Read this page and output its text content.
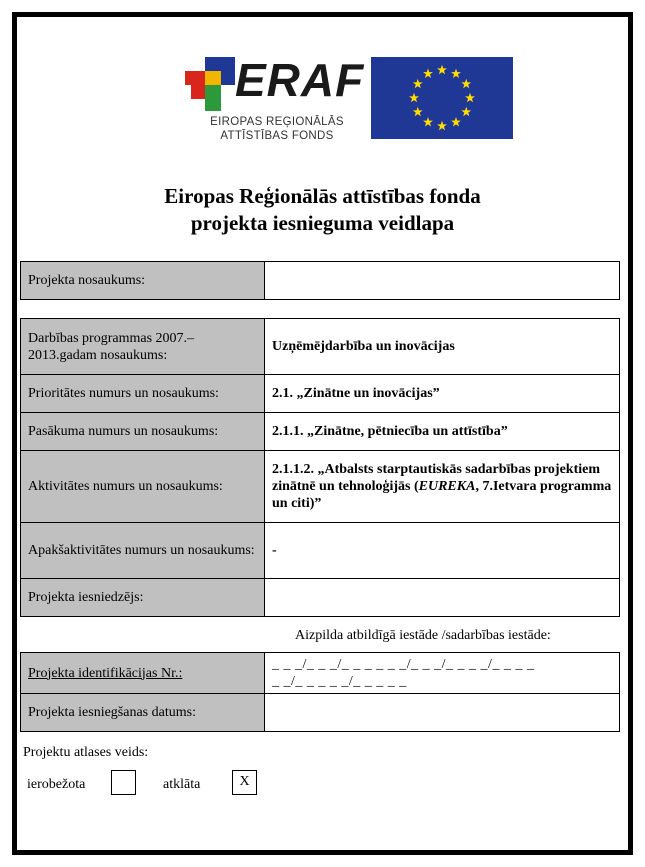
ERAF
EIROPAS REĢIONĀLĀS
ATTĪSTĪBAS FONDS
Eiropas Reģionālās attīstības fonda
projekta iesnieguma veidlapa
Projekta nosaukums:	
Darbības programmas 2007.–2013.gadam nosaukums:	Uzņēmējdarbība un inovācijas
Prioritātes numurs un nosaukums:	2.1. „Zinātne un inovācijas”
Pasākuma numurs un nosaukums:	2.1.1. „Zinātne, pētniecība un attīstība”
Aktivitātes numurs un nosaukums:	2.1.1.2. „Atbalsts starptautiskās sadarbības projektiem zinātnē un tehnoloģijās (EUREKA, 7.Ietvara programma un citi)”
Apakšaktivitātes numurs un nosaukums:	-
Projekta iesniedzējs:	
Aizpilda atbildīgā iestāde /sadarbības iestāde:
Projekta identifikācijas Nr.:	_ _ _/_ _ _/_ _ _ _ _ _/_ _ _/_ _ _ _/_ _ _ _
_ _/_ _ _ _ _/_ _ _ _ _

Projekta iesniegšanas datums:	
Projektu atlases veids:
ierobežota	atklāta	X
